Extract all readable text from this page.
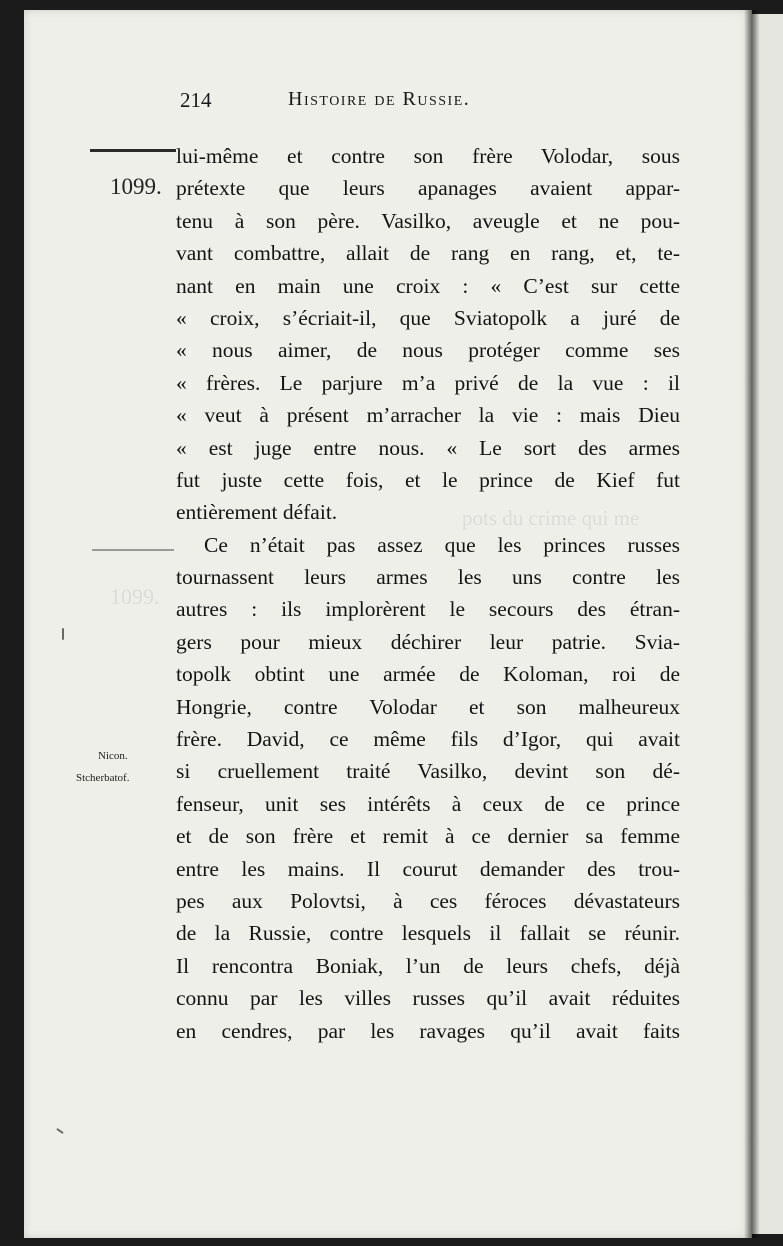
pots du crime qui me
1099.
214	Histoire de Russie.
1099.
Nicon.
Stcherbatof.
lui-même et contre son frère Volodar, sous
prétexte que leurs apanages avaient appar-
tenu à son père. Vasilko, aveugle et ne pou-
vant combattre, allait de rang en rang, et, te-
nant en main une croix : « C’est sur cette
« croix, s’écriait-il, que Sviatopolk a juré de
« nous aimer, de nous protéger comme ses
« frères. Le parjure m’a privé de la vue : il
« veut à présent m’arracher la vie : mais Dieu
« est juge entre nous. « Le sort des armes
fut juste cette fois, et le prince de Kief fut
entièrement défait.
Ce n’était pas assez que les princes russes
tournassent leurs armes les uns contre les
autres : ils implorèrent le secours des étran-
gers pour mieux déchirer leur patrie. Svia-
topolk obtint une armée de Koloman, roi de
Hongrie, contre Volodar et son malheureux
frère. David, ce même fils d’Igor, qui avait
si cruellement traité Vasilko, devint son dé-
fenseur, unit ses intérêts à ceux de ce prince
et de son frère et remit à ce dernier sa femme
entre les mains. Il courut demander des trou-
pes aux Polovtsi, à ces féroces dévastateurs
de la Russie, contre lesquels il fallait se réunir.
Il rencontra Boniak, l’un de leurs chefs, déjà
connu par les villes russes qu’il avait réduites
en cendres, par les ravages qu’il avait faits
